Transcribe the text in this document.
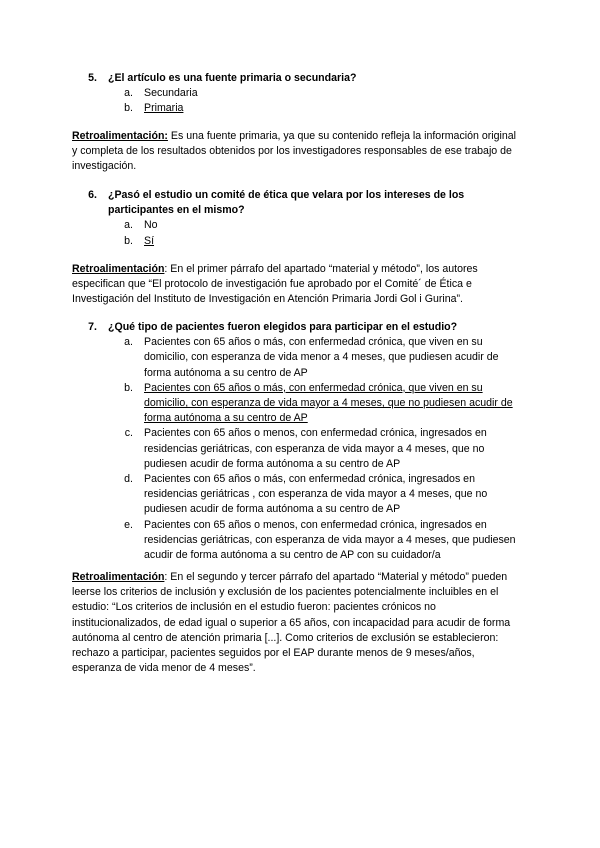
5.	¿El artículo es una fuente primaria o secundaria?
a.	Secundaria
b.	Primaria
Retroalimentación: Es una fuente primaria, ya que su contenido refleja la información original y completa de los resultados obtenidos por los investigadores responsables de ese trabajo de investigación.
6.	¿Pasó el estudio un comité de ética que velara por los intereses de los participantes en el mismo?
a.	No
b.	Sí
Retroalimentación: En el primer párrafo del apartado “material y método”, los autores especifican que “El protocolo de investigación fue aprobado por el Comité´ de Ética e Investigación del Instituto de Investigación en Atención Primaria Jordi Gol i Gurina”.
7.	¿Qué tipo de pacientes fueron elegidos para participar en el estudio?
a.	Pacientes con 65 años o más, con enfermedad crónica, que viven en su domicilio, con esperanza de vida menor a 4 meses, que pudiesen acudir de forma autónoma a su centro de AP
b.	Pacientes con 65 años o más, con enfermedad crónica, que viven en su domicilio, con esperanza de vida mayor a 4 meses, que no pudiesen acudir de forma autónoma a su centro de AP
c.	Pacientes con 65 años o menos, con enfermedad crónica, ingresados en residencias geriátricas, con esperanza de vida mayor a 4 meses, que no pudiesen acudir de forma autónoma a su centro de AP
d.	Pacientes con 65 años o más, con enfermedad crónica, ingresados en residencias geriátricas , con esperanza de vida mayor a 4 meses, que no pudiesen acudir de forma autónoma a su centro de AP
e.	Pacientes con 65 años o menos, con enfermedad crónica, ingresados en residencias geriátricas, con esperanza de vida mayor a 4 meses, que pudiesen acudir de forma autónoma a su centro de AP con su cuidador/a
Retroalimentación: En el segundo y tercer párrafo del apartado “Material y método” pueden leerse los criterios de inclusión y exclusión de los pacientes potencialmente incluibles en el estudio: “Los criterios de inclusión en el estudio fueron: pacientes crónicos no institucionalizados, de edad igual o superior a 65 años, con incapacidad para acudir de forma autónoma al centro de atención primaria [...]. Como criterios de exclusión se establecieron: rechazo a participar, pacientes seguidos por el EAP durante menos de 9 meses/años, esperanza de vida menor de 4 meses”.
